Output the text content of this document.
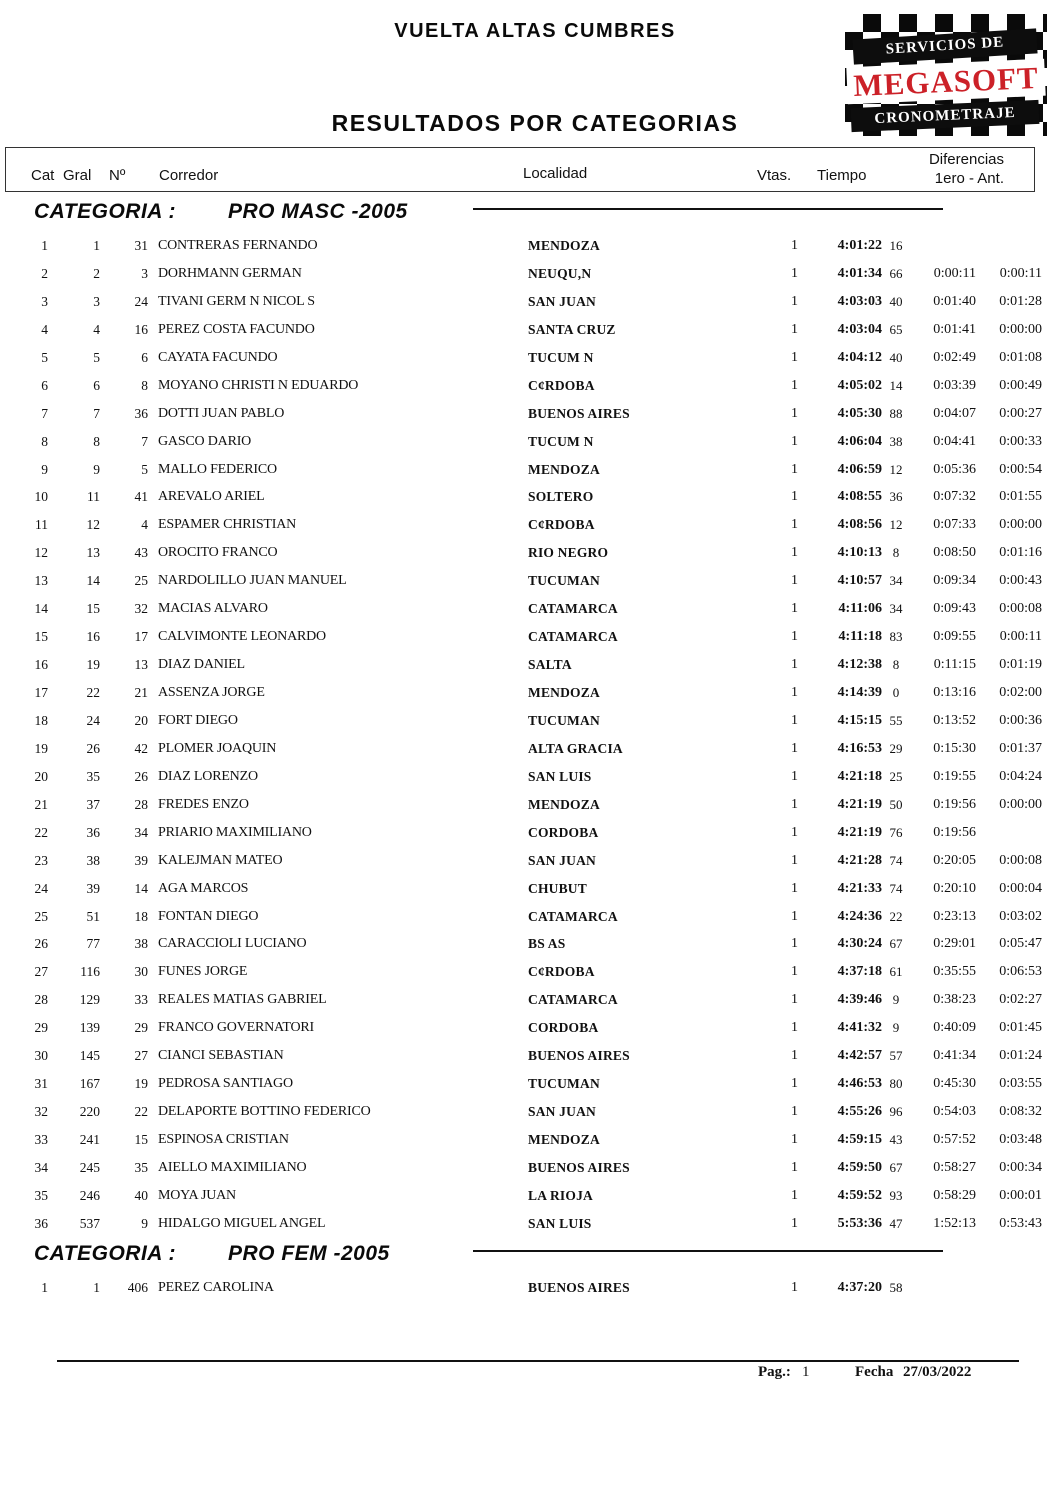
VUELTA ALTAS CUMBRES
SERVICIOS DE
MEGASOFT
CRONOMETRAJE
RESULTADOS POR CATEGORIAS
Cat Gral Nº Corredor	Localidad	Vtas. Tiempo
Diferencias
1ero - Ant.
CATEGORIA : PRO MASC -2005
1	1	31 CONTRERAS FERNANDO	MENDOZA	1	4:01:22 16
2	2	3 DORHMANN GERMAN	NEUQU,N	1	4:01:34 66	0:00:11	0:00:11
3	3	24 TIVANI GERM N NICOL S	SAN JUAN	1	4:03:03 40	0:01:40	0:01:28
4	4	16 PEREZ COSTA FACUNDO	SANTA CRUZ	1	4:03:04 65	0:01:41	0:00:00
5	5	6 CAYATA FACUNDO	TUCUM N	1	4:04:12 40	0:02:49	0:01:08
6	6	8 MOYANO CHRISTI N EDUARDO	C¢RDOBA	1	4:05:02 14	0:03:39	0:00:49
7	7	36 DOTTI JUAN PABLO	BUENOS AIRES	1	4:05:30 88	0:04:07	0:00:27
8	8	7 GASCO DARIO	TUCUM N	1	4:06:04 38	0:04:41	0:00:33
9	9	5 MALLO FEDERICO	MENDOZA	1	4:06:59 12	0:05:36	0:00:54
10	11	41 AREVALO ARIEL	SOLTERO	1	4:08:55 36	0:07:32	0:01:55
11	12	4 ESPAMER CHRISTIAN	C¢RDOBA	1	4:08:56 12	0:07:33	0:00:00
12	13	43 OROCITO FRANCO	RIO NEGRO	1	4:10:13 8	0:08:50	0:01:16
13	14	25 NARDOLILLO JUAN MANUEL	TUCUMAN	1	4:10:57 34	0:09:34	0:00:43
14	15	32 MACIAS ALVARO	CATAMARCA	1	4:11:06 34	0:09:43	0:00:08
15	16	17 CALVIMONTE LEONARDO	CATAMARCA	1	4:11:18 83	0:09:55	0:00:11
16	19	13 DIAZ DANIEL	SALTA	1	4:12:38 8	0:11:15	0:01:19
17	22	21 ASSENZA JORGE	MENDOZA	1	4:14:39 0	0:13:16	0:02:00
18	24	20 FORT DIEGO	TUCUMAN	1	4:15:15 55	0:13:52	0:00:36
19	26	42 PLOMER JOAQUIN	ALTA GRACIA	1	4:16:53 29	0:15:30	0:01:37
20	35	26 DIAZ LORENZO	SAN LUIS	1	4:21:18 25	0:19:55	0:04:24
21	37	28 FREDES ENZO	MENDOZA	1	4:21:19 50	0:19:56	0:00:00
22	36	34 PRIARIO MAXIMILIANO	CORDOBA	1	4:21:19 76	0:19:56
23	38	39 KALEJMAN MATEO	SAN JUAN	1	4:21:28 74	0:20:05	0:00:08
24	39	14 AGA MARCOS	CHUBUT	1	4:21:33 74	0:20:10	0:00:04
25	51	18 FONTAN DIEGO	CATAMARCA	1	4:24:36 22	0:23:13	0:03:02
26	77	38 CARACCIOLI LUCIANO	BS AS	1	4:30:24 67	0:29:01	0:05:47
27	116	30 FUNES JORGE	C¢RDOBA	1	4:37:18 61	0:35:55	0:06:53
28	129	33 REALES MATIAS GABRIEL	CATAMARCA	1	4:39:46 9	0:38:23	0:02:27
29	139	29 FRANCO GOVERNATORI	CORDOBA	1	4:41:32 9	0:40:09	0:01:45
30	145	27 CIANCI SEBASTIAN	BUENOS AIRES	1	4:42:57 57	0:41:34	0:01:24
31	167	19 PEDROSA SANTIAGO	TUCUMAN	1	4:46:53 80	0:45:30	0:03:55
32	220	22 DELAPORTE BOTTINO FEDERICO	SAN JUAN	1	4:55:26 96	0:54:03	0:08:32
33	241	15 ESPINOSA CRISTIAN	MENDOZA	1	4:59:15 43	0:57:52	0:03:48
34	245	35 AIELLO MAXIMILIANO	BUENOS AIRES	1	4:59:50 67	0:58:27	0:00:34
35	246	40 MOYA JUAN	LA RIOJA	1	4:59:52 93	0:58:29	0:00:01
36	537	9 HIDALGO MIGUEL ANGEL	SAN LUIS	1	5:53:36 47	1:52:13	0:53:43
CATEGORIA : PRO FEM -2005
1	1	406 PEREZ CAROLINA	BUENOS AIRES	1	4:37:20 58
Pag.: 1	Fecha 27/03/2022
